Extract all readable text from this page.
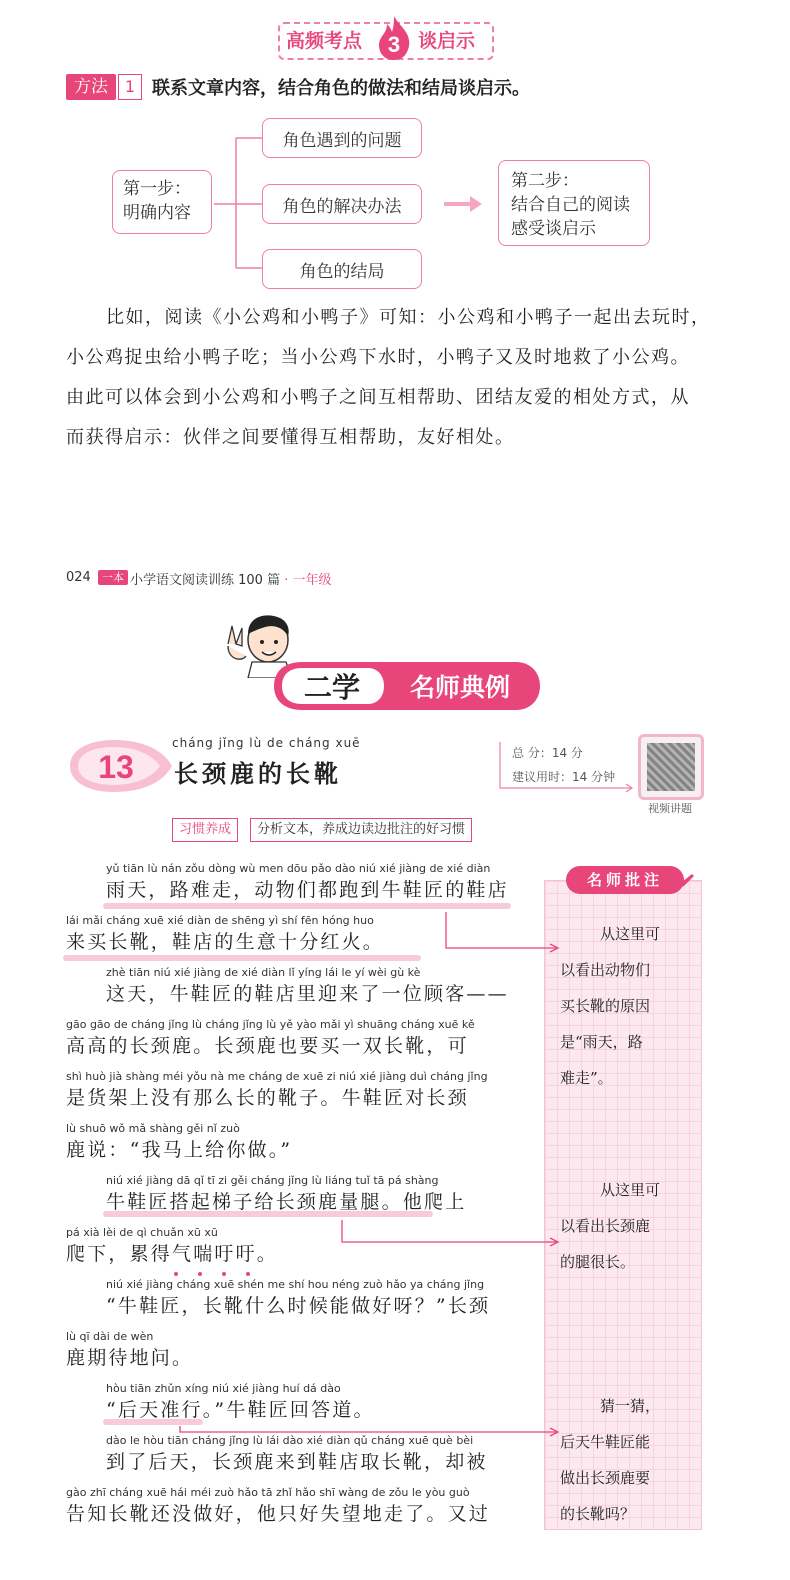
高频考点 3 谈启示
方法	1 联系文章内容，结合角色的做法和结局谈启示。
第一步：
明确内容
角色遇到的问题
角色的解决办法
角色的结局
第二步：
结合自己的阅读
感受谈启示
比如，阅读《小公鸡和小鸭子》可知：小公鸡和小鸭子一起出去玩时，
小公鸡捉虫给小鸭子吃；当小公鸡下水时，小鸭子又及时地救了小公鸡。
由此可以体会到小公鸡和小鸭子之间互相帮助、团结友爱的相处方式，从
而获得启示：伙伴之间要懂得互相帮助，友好相处。
024	一本 小学语文阅读训练 100 篇 · 一年级
二学 名师典例
13
cháng jǐng lù de cháng xuē
长颈鹿的长靴
总 分：14 分
建议用时：14 分钟
视频讲题
习惯养成	分析文本，养成边读边批注的好习惯
名师批注
从这里可
以看出动物们
买长靴的原因
是“雨天，路
难走”。
从这里可
以看出长颈鹿
的腿很长。
猜一猜，
后天牛鞋匠能
做出长颈鹿要
的长靴吗？
yǔ tiān lù nán zǒu dòng wù men dōu pǎo dào niú xié jiàng de xié diàn
雨天，路难走，动物们都跑到牛鞋匠的鞋店
lái mǎi cháng xuē xié diàn de shēng yì shí fēn hóng huo
来买长靴，鞋店的生意十分红火。
zhè tiān niú xié jiàng de xié diàn lǐ yíng lái le yí wèi gù kè
这天，牛鞋匠的鞋店里迎来了一位顾客——
gāo gāo de cháng jǐng lù cháng jǐng lù yě yào mǎi yì shuāng cháng xuē kě
高高的长颈鹿。长颈鹿也要买一双长靴，可
shì huò jià shàng méi yǒu nà me cháng de xuē zi niú xié jiàng duì cháng jǐng
是货架上没有那么长的靴子。牛鞋匠对长颈
lù shuō wǒ mǎ shàng gěi nǐ zuò
鹿说：“我马上给你做。”
niú xié jiàng dā qǐ tī zi gěi cháng jǐng lù liáng tuǐ tā pá shàng
牛鞋匠搭起梯子给长颈鹿量腿。他爬上
pá xià lèi de qì chuǎn xū xū
爬下，累得气喘吁吁。
niú xié jiàng cháng xuē shén me shí hou néng zuò hǎo ya cháng jǐng
“牛鞋匠，长靴什么时候能做好呀？”长颈
lù qī dài de wèn
鹿期待地问。
hòu tiān zhǔn xíng niú xié jiàng huí dá dào
“后天准行。”牛鞋匠回答道。
dào le hòu tiān cháng jǐng lù lái dào xié diàn qǔ cháng xuē què bèi
到了后天，长颈鹿来到鞋店取长靴，却被
gào zhī cháng xuē hái méi zuò hǎo tā zhǐ hǎo shī wàng de zǒu le yòu guò
告知长靴还没做好，他只好失望地走了。又过
